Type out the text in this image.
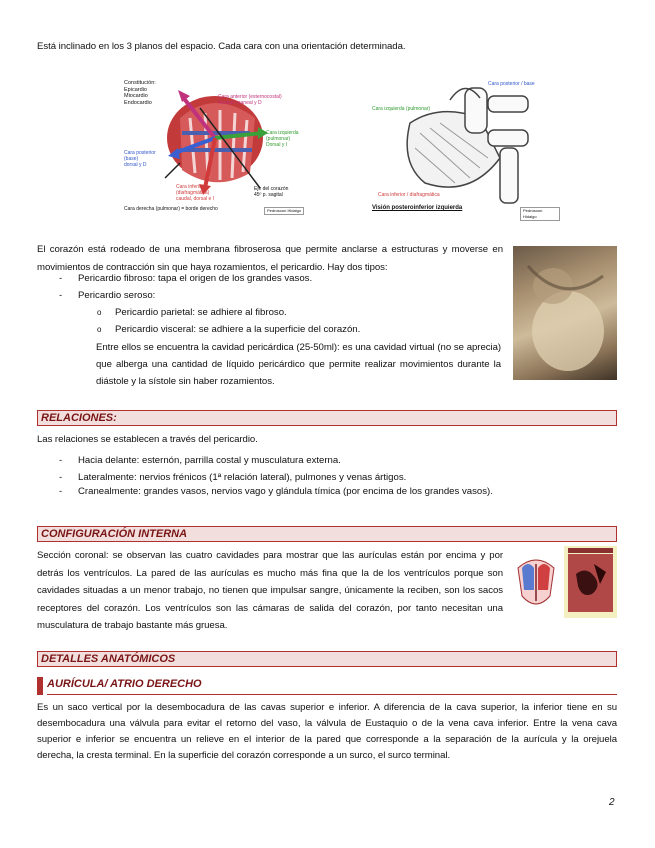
Está inclinado en los 3 planos del espacio. Cada cara con una orientación determinada.
Constitución:
Epicardio
Miocardio
Endocardio
Cara anterior (esternocostal)
Ventral, craneal y D
Cara izquierda
(pulmonar)
Dorsal y I
Cara posterior
(base)
dorsal y D
Cara inferior
(diafragmática)
caudal, dorsal e I
Eje del corazón
45º p. sagital
Cara derecha (pulmonar) = borde derecho	Pedrosoun Hidalgo
Cara posterior / base
Cara izquierda (pulmonar)
Cara inferior / diafragmática
Visión posteroinferior izquierda	Pedrosoun Hidalgo
El corazón está rodeado de una membrana fibroserosa que permite anclarse a estructuras y moverse en movimientos de contracción sin que haya rozamientos, el pericardio. Hay dos tipos:
- Pericardio fibroso: tapa el origen de los grandes vasos.
- Pericardio seroso:
o Pericardio parietal: se adhiere al fibroso.
o Pericardio visceral: se adhiere a la superficie del corazón.
Entre ellos se encuentra la cavidad pericárdica (25-50ml): es una cavidad virtual (no se aprecia)
que alberga una cantidad de líquido pericárdico que permite realizar movimientos durante la
diástole y la sístole sin haber rozamientos.
RELACIONES:
Las relaciones se establecen a través del pericardio.
- Hacia delante: esternón, parrilla costal y musculatura externa.
- Lateralmente: nervios frénicos (1ª relación lateral), pulmones y venas ártigos.
- Cranealmente: grandes vasos, nervios vago y glándula tímica (por encima de los grandes vasos).
CONFIGURACIÓN INTERNA
Sección coronal: se observan las cuatro cavidades para mostrar que las aurículas están por encima y por
detrás los ventrículos. La pared de las aurículas es mucho más fina que la de los ventrículos porque son
cavidades situadas a un menor trabajo, no tienen que impulsar sangre, únicamente la reciben, son los sacos
receptores del corazón. Los ventrículos son las cámaras de salida del corazón, por tanto necesitan una
musculatura de trabajo bastante más gruesa.
DETALLES ANATÓMICOS
AURÍCULA/ ATRIO DERECHO
Es un saco vertical por la desembocadura de las cavas superior e inferior. A diferencia de la cava superior, la inferior tiene en su
desembocadura una válvula para evitar el retorno del vaso, la válvula de Eustaquio o de la vena cava inferior. Entre la vena cava
superior e inferior se encuentra un relieve en el interior de la pared que corresponde a la separación de la aurícula y la orejuela
derecha, la cresta terminal. En la superficie del corazón corresponde a un surco, el surco terminal.
2
